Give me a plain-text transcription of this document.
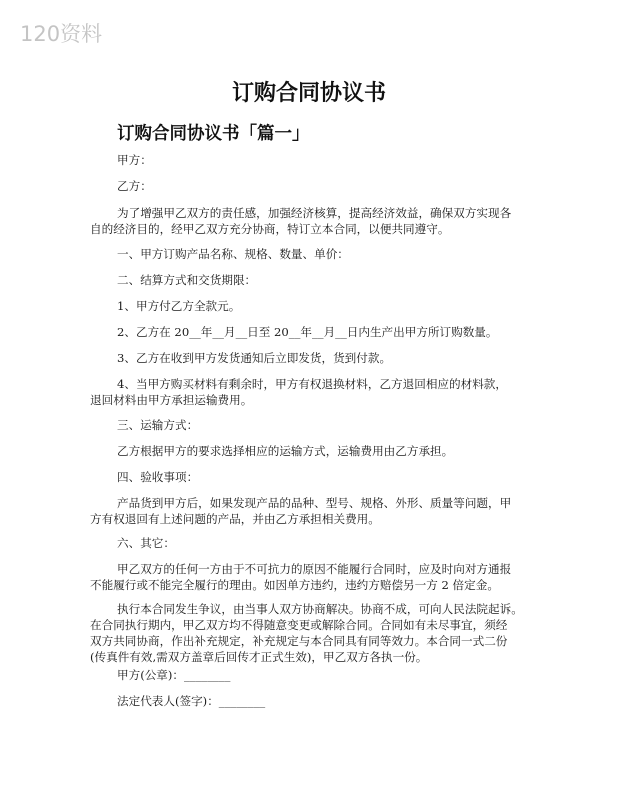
120资料
订购合同协议书
订购合同协议书「篇一」
甲方：
乙方：
为了增强甲乙双方的责任感，加强经济核算，提高经济效益，确保双方实现各
自的经济目的，经甲乙双方充分协商，特订立本合同，以便共同遵守。
一、甲方订购产品名称、规格、数量、单价：
二、结算方式和交货期限：
1、甲方付乙方全款元。
2、乙方在 20__年__月__日至 20__年__月__日内生产出甲方所订购数量。
3、乙方在收到甲方发货通知后立即发货，货到付款。
4、当甲方购买材料有剩余时，甲方有权退换材料，乙方退回相应的材料款，
退回材料由甲方承担运输费用。
三、运输方式：
乙方根据甲方的要求选择相应的运输方式，运输费用由乙方承担。
四、验收事项：
产品货到甲方后，如果发现产品的品种、型号、规格、外形、质量等问题，甲
方有权退回有上述问题的产品，并由乙方承担相关费用。
六、其它：
甲乙双方的任何一方由于不可抗力的原因不能履行合同时，应及时向对方通报
不能履行或不能完全履行的理由。如因单方违约，违约方赔偿另一方 2 倍定金。
执行本合同发生争议，由当事人双方协商解决。协商不成，可向人民法院起诉。
在合同执行期内，甲乙双方均不得随意变更或解除合同。合同如有未尽事宜，须经
双方共同协商，作出补充规定，补充规定与本合同具有同等效力。本合同一式二份
(传真件有效,需双方盖章后回传才正式生效)，甲乙双方各执一份。
甲方(公章)：________
法定代表人(签字)：________
